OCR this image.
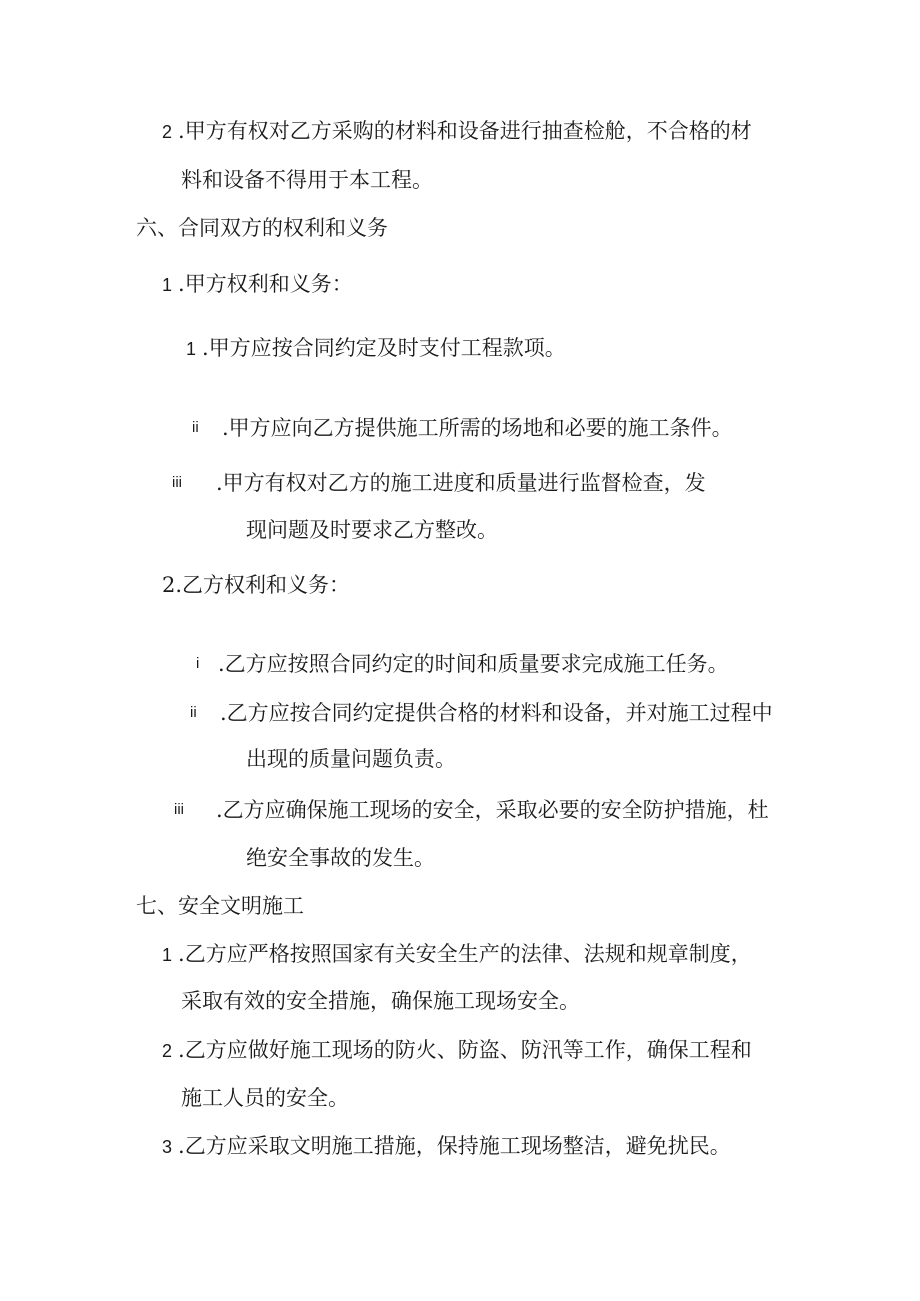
2 .甲方有权对乙方采购的材料和设备进行抽查检舱，不合格的材
料和设备不得用于本工程。
六、合同双方的权利和义务
1 .甲方权利和义务：
1 .甲方应按合同约定及时支付工程款项。
ii .甲方应向乙方提供施工所需的场地和必要的施工条件。
iii .甲方有权对乙方的施工进度和质量进行监督检查，发
现问题及时要求乙方整改。
2.乙方权利和义务：
i .乙方应按照合同约定的时间和质量要求完成施工任务。
ii .乙方应按合同约定提供合格的材料和设备，并对施工过程中
出现的质量问题负责。
iii .乙方应确保施工现场的安全，采取必要的安全防护措施，杜
绝安全事故的发生。
七、安全文明施工
1 .乙方应严格按照国家有关安全生产的法律、法规和规章制度，
采取有效的安全措施，确保施工现场安全。
2 .乙方应做好施工现场的防火、防盗、防汛等工作，确保工程和
施工人员的安全。
3 .乙方应采取文明施工措施，保持施工现场整洁，避免扰民。
